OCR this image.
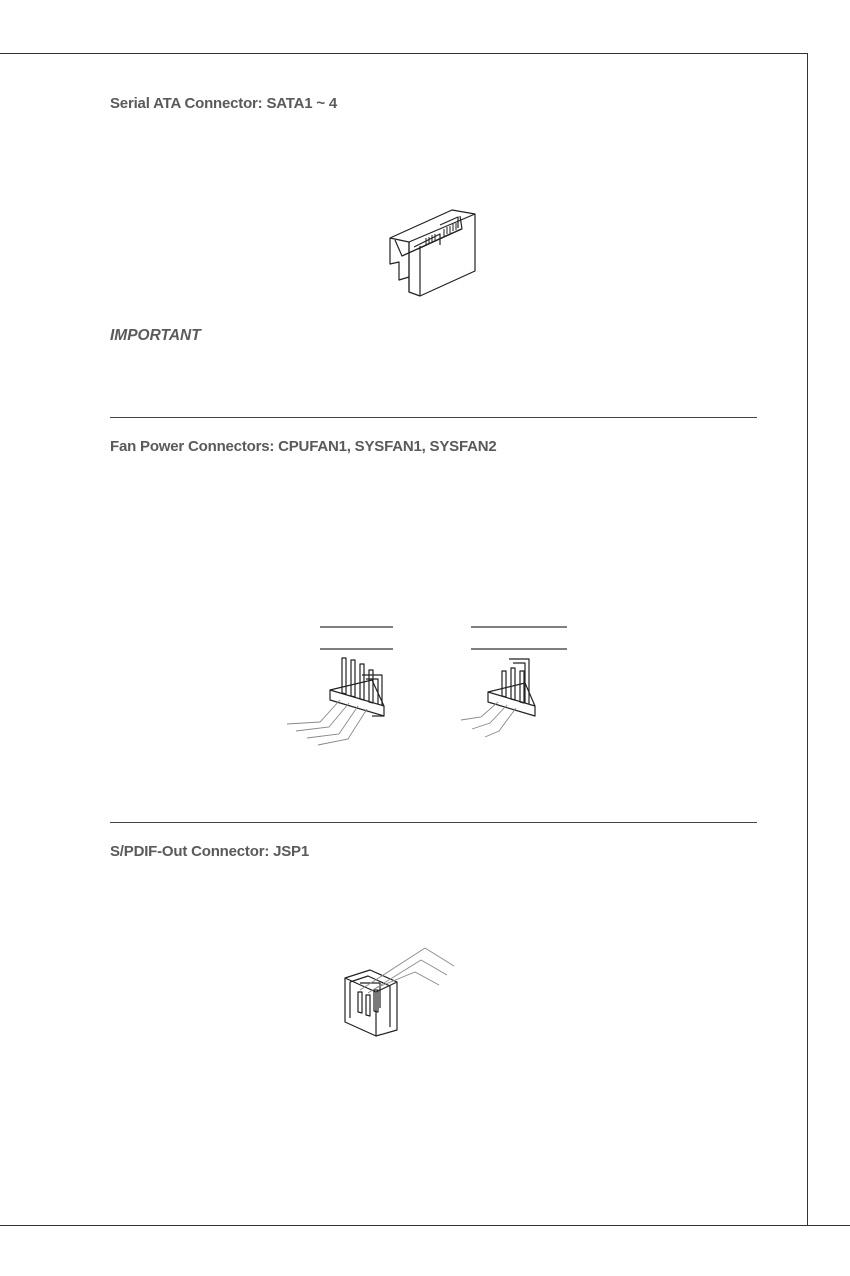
Serial ATA Connector: SATA1 ~ 4

IMPORTANT

Fan Power Connectors: CPUFAN1, SYSFAN1, SYSFAN2
S/PDIF-Out Connector: JSP1
